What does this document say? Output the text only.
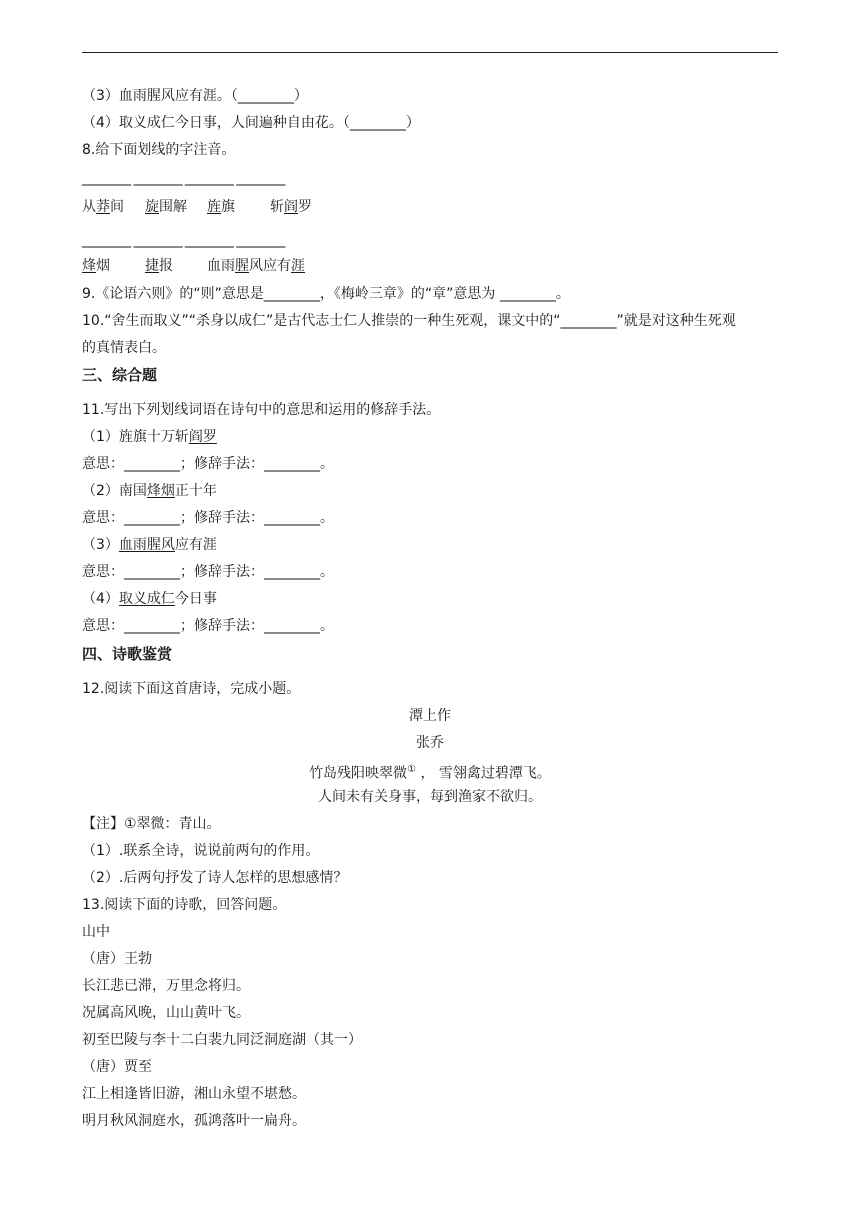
（3）血雨腥风应有涯。（________）
（4）取义成仁今日事，人间遍种自由花。（________）
8.给下面划线的字注音。
________ ________ ________ ________
从莽间 旋围解 旌旗	斩阎罗
________ ________ ________ ________
烽烟	捷报 血雨腥风应有涯
9.《论语六则》的“则”意思是________，《梅岭三章》的“章”意思为 ________。
10.“舍生而取义”“杀身以成仁”是古代志士仁人推崇的一种生死观，课文中的“________”就是对这种生死观
的真情表白。
三、综合题
11.写出下列划线词语在诗句中的意思和运用的修辞手法。
（1）旌旗十万斩阎罗
意思：________；修辞手法：________。
（2）南国烽烟正十年
意思：________；修辞手法：________。
（3）血雨腥风应有涯
意思：________；修辞手法：________。
（4）取义成仁今日事
意思：________；修辞手法：________。
四、诗歌鉴赏
12.阅读下面这首唐诗，完成小题。
潭上作
张乔
竹岛残阳映翠微① ， 雪翎禽过碧潭飞。
人间未有关身事，每到渔家不欲归。
【注】①翠微：青山。
（1）.联系全诗，说说前两句的作用。
（2）.后两句抒发了诗人怎样的思想感情？
13.阅读下面的诗歌，回答问题。
山中
（唐）王勃
长江悲已滞，万里念将归。
况属高风晚，山山黄叶飞。
初至巴陵与李十二白裴九同泛洞庭湖（其一）
（唐）贾至
江上相逢皆旧游，湘山永望不堪愁。
明月秋风洞庭水，孤鸿落叶一扁舟。
